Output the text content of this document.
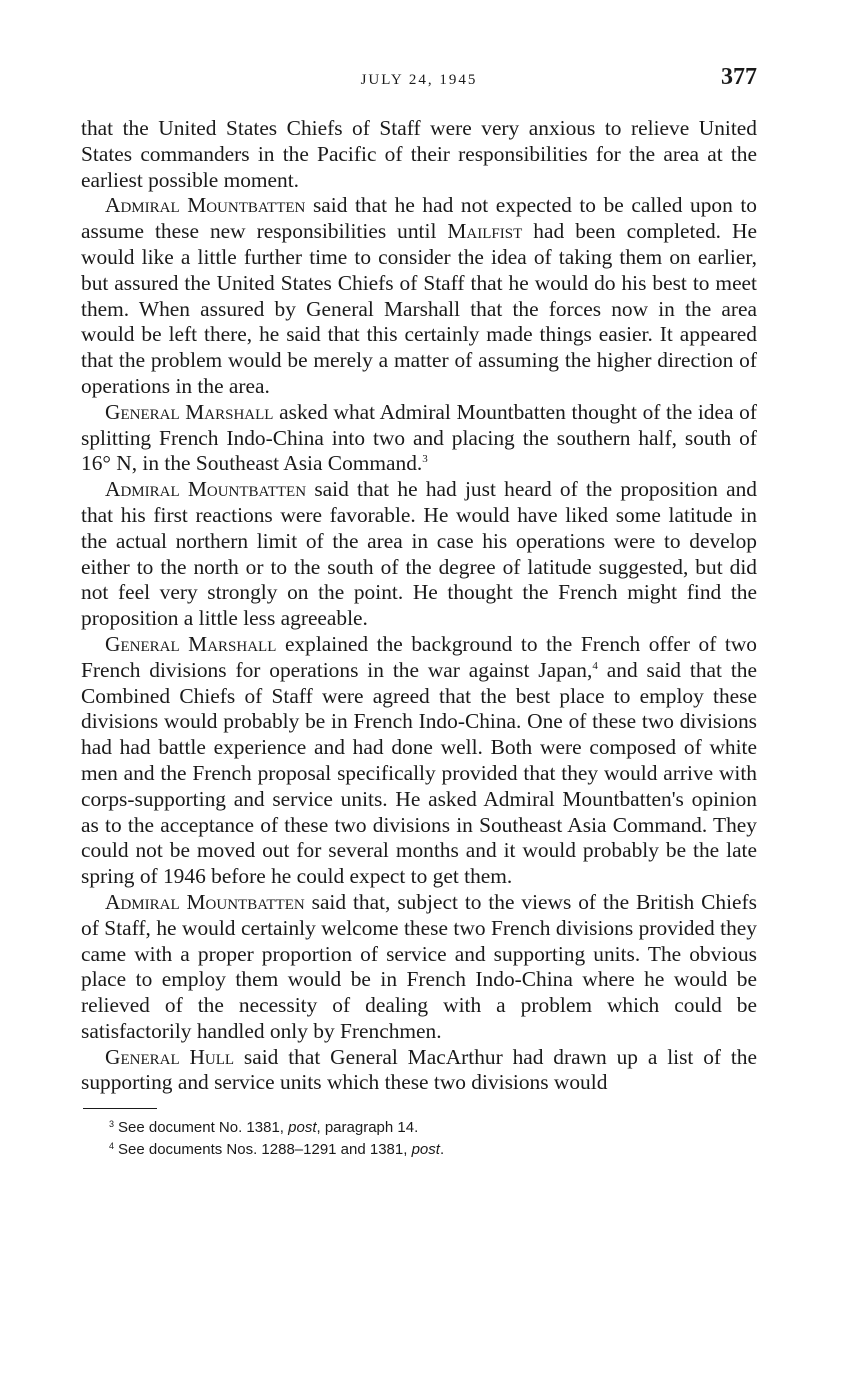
JULY 24, 1945	377

that the United States Chiefs of Staff were very anxious to relieve United States commanders in the Pacific of their responsibilities for the area at the earliest possible moment.

Admiral Mountbatten said that he had not expected to be called upon to assume these new responsibilities until Mailfist had been completed. He would like a little further time to consider the idea of taking them on earlier, but assured the United States Chiefs of Staff that he would do his best to meet them. When assured by General Marshall that the forces now in the area would be left there, he said that this certainly made things easier. It appeared that the problem would be merely a matter of assuming the higher direction of operations in the area.

General Marshall asked what Admiral Mountbatten thought of the idea of splitting French Indo-China into two and placing the southern half, south of 16° N, in the Southeast Asia Command.$^3$

Admiral Mountbatten said that he had just heard of the proposition and that his first reactions were favorable. He would have liked some latitude in the actual northern limit of the area in case his operations were to develop either to the north or to the south of the degree of latitude suggested, but did not feel very strongly on the point. He thought the French might find the proposition a little less agreeable.

General Marshall explained the background to the French offer of two French divisions for operations in the war against Japan,$^4$ and said that the Combined Chiefs of Staff were agreed that the best place to employ these divisions would probably be in French Indo-China. One of these two divisions had had battle experience and had done well. Both were composed of white men and the French proposal specifically provided that they would arrive with corps-supporting and service units. He asked Admiral Mountbatten's opinion as to the acceptance of these two divisions in Southeast Asia Command. They could not be moved out for several months and it would probably be the late spring of 1946 before he could expect to get them.

Admiral Mountbatten said that, subject to the views of the British Chiefs of Staff, he would certainly welcome these two French divisions provided they came with a proper proportion of service and supporting units. The obvious place to employ them would be in French Indo-China where he would be relieved of the necessity of dealing with a problem which could be satisfactorily handled only by Frenchmen.

General Hull said that General MacArthur had drawn up a list of the supporting and service units which these two divisions would

$^3$ See document No. 1381, post, paragraph 14.

$^4$ See documents Nos. 1288–1291 and 1381, post.
